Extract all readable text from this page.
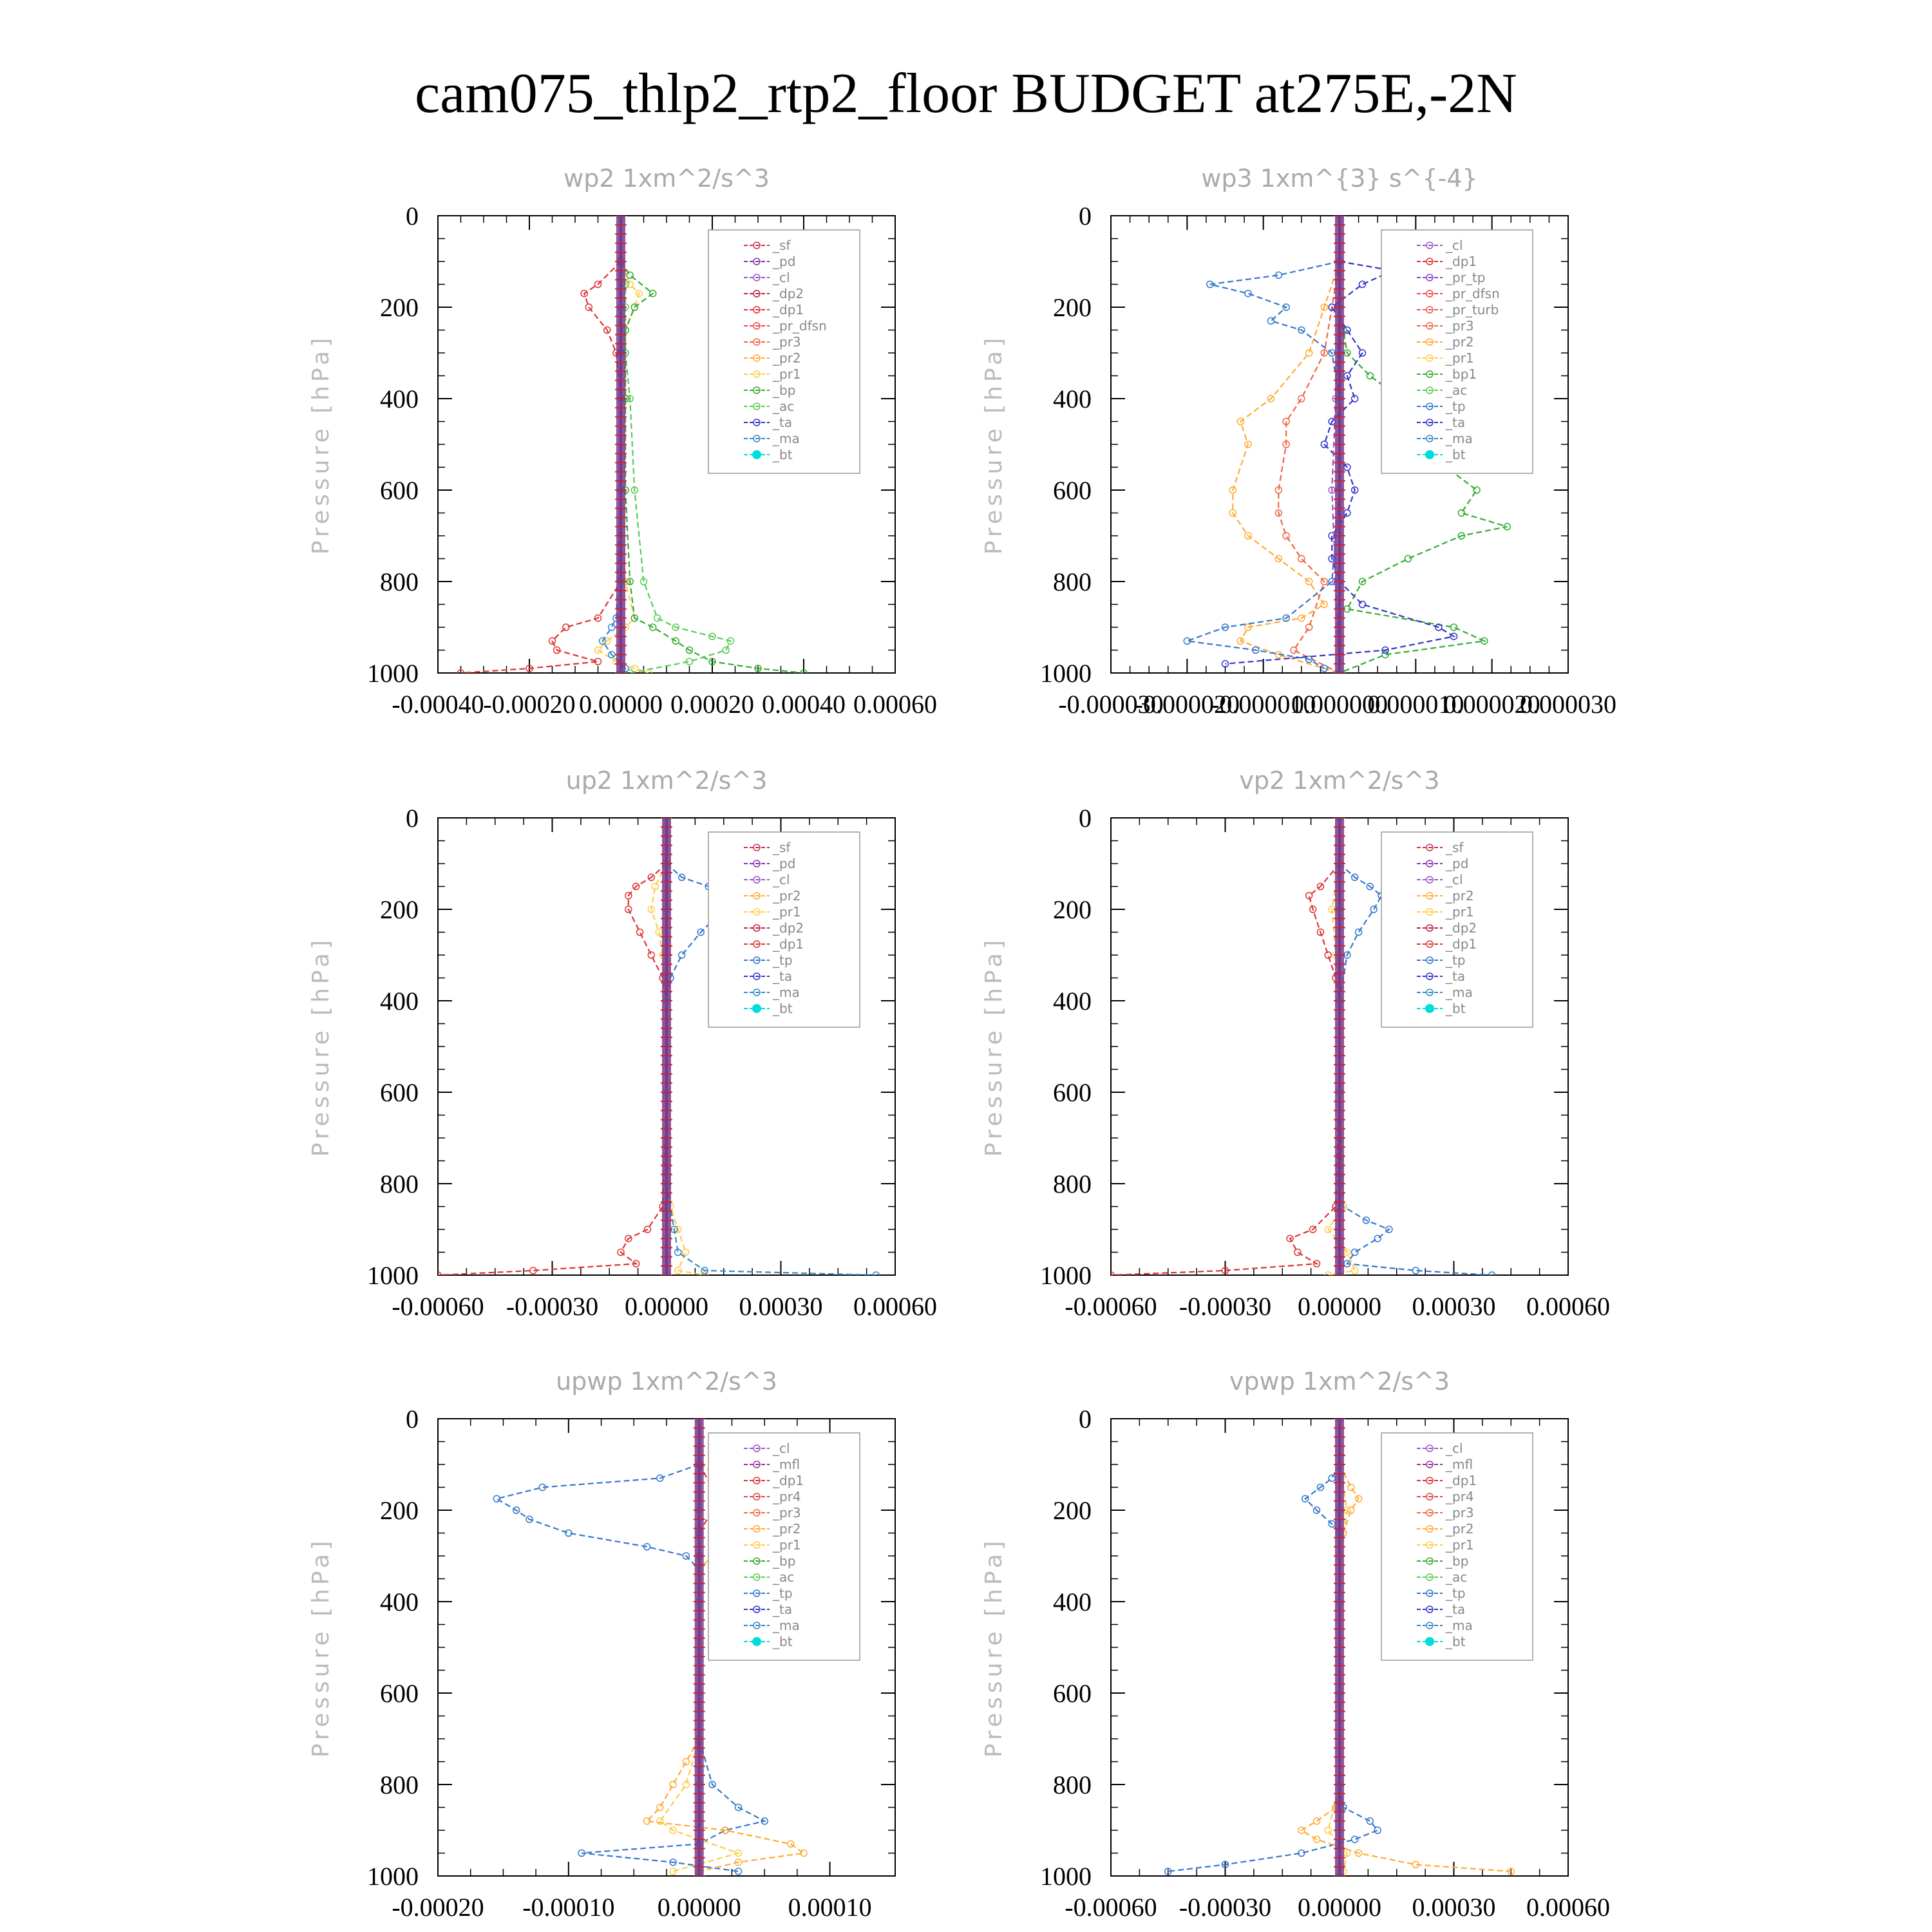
cam075_thlp2_rtp2_floor BUDGET at275E,-2N
wp2 1xm^2/s^3
Pressure [hPa]
0
200
400
600
800
1000
-0.00040
-0.00020 0.00000 0.00020 0.00040 0.00060
_sf
_pd
_cl
_dp2
_dp1
_pr_dfsn
_pr3
_pr2
_pr1
_bp
_ac
_ta
_ma
_bt
wp3 1xm^{3} s^{-4}
Pressure [hPa]
0
200
400
600
800
1000
-0.000030
-0.000020
-0.000010
0.000000
0.000010
0.000020
0.000030
_cl
_dp1
_pr_tp
_pr_dfsn
_pr_turb
_pr3
_pr2
_pr1
_bp1
_ac
_tp
_ta
_ma
_bt
up2 1xm^2/s^3
Pressure [hPa]
0
200
400
600
800
1000
-0.00060 -0.00030 0.00000 0.00030 0.00060
_sf
_pd
_cl
_pr2
_pr1
_dp2
_dp1
_tp
_ta
_ma
_bt
vp2 1xm^2/s^3
Pressure [hPa]
0
200
400
600
800
1000
-0.00060 -0.00030 0.00000 0.00030 0.00060
_sf
_pd
_cl
_pr2
_pr1
_dp2
_dp1
_tp
_ta
_ma
_bt
upwp 1xm^2/s^3
Pressure [hPa]
0
200
400
600
800
1000
-0.00020 -0.00010 0.00000 0.00010
_cl
_mfl
_dp1
_pr4
_pr3
_pr2
_pr1
_bp
_ac
_tp
_ta
_ma
_bt
vpwp 1xm^2/s^3
Pressure [hPa]
0
200
400
600
800
1000
-0.00060 -0.00030 0.00000 0.00030 0.00060
_cl
_mfl
_dp1
_pr4
_pr3
_pr2
_pr1
_bp
_ac
_tp
_ta
_ma
_bt
